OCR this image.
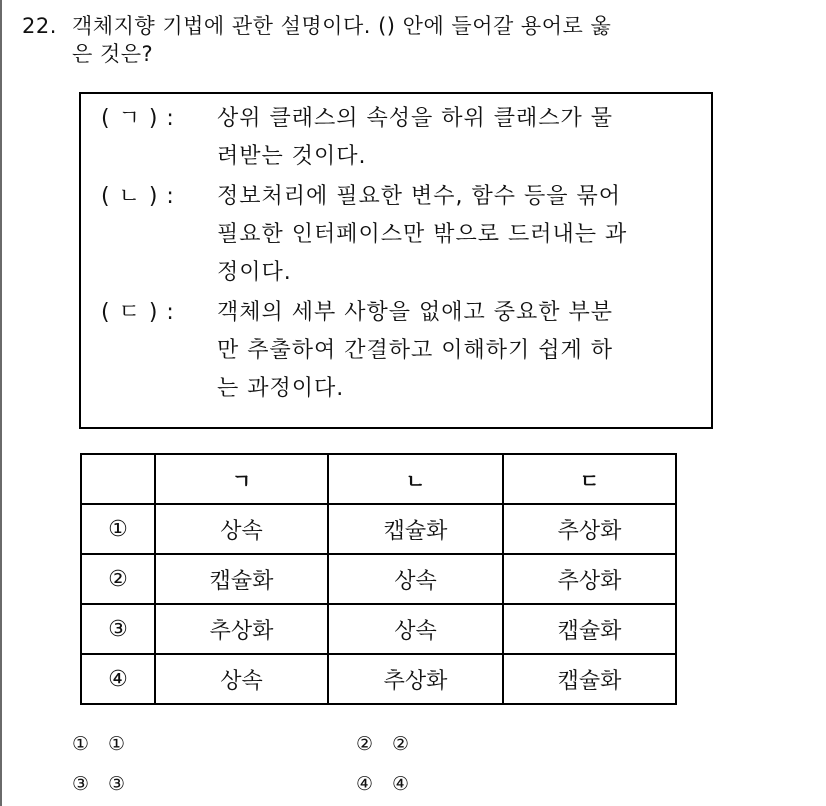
22. 객체지향 기법에 관한 설명이다. () 안에 들어갈 용어로 옳
은 것은?
( ㄱ ) :	상위 클래스의 속성을 하위 클래스가 물
려받는 것이다.
( ㄴ ) :	정보처리에 필요한 변수, 함수 등을 묶어
필요한 인터페이스만 밖으로 드러내는 과
정이다.
( ㄷ ) :	객체의 세부 사항을 없애고 중요한 부분
만 추출하여 간결하고 이해하기 쉽게 하
는 과정이다.
	ㄱ	ㄴ	ㄷ
①	상속	캡슐화	추상화
②	캡슐화	상속	추상화
③	추상화	상속	캡슐화
④	상속	추상화	캡슐화
① ①	② ②
③ ③	④ ④
